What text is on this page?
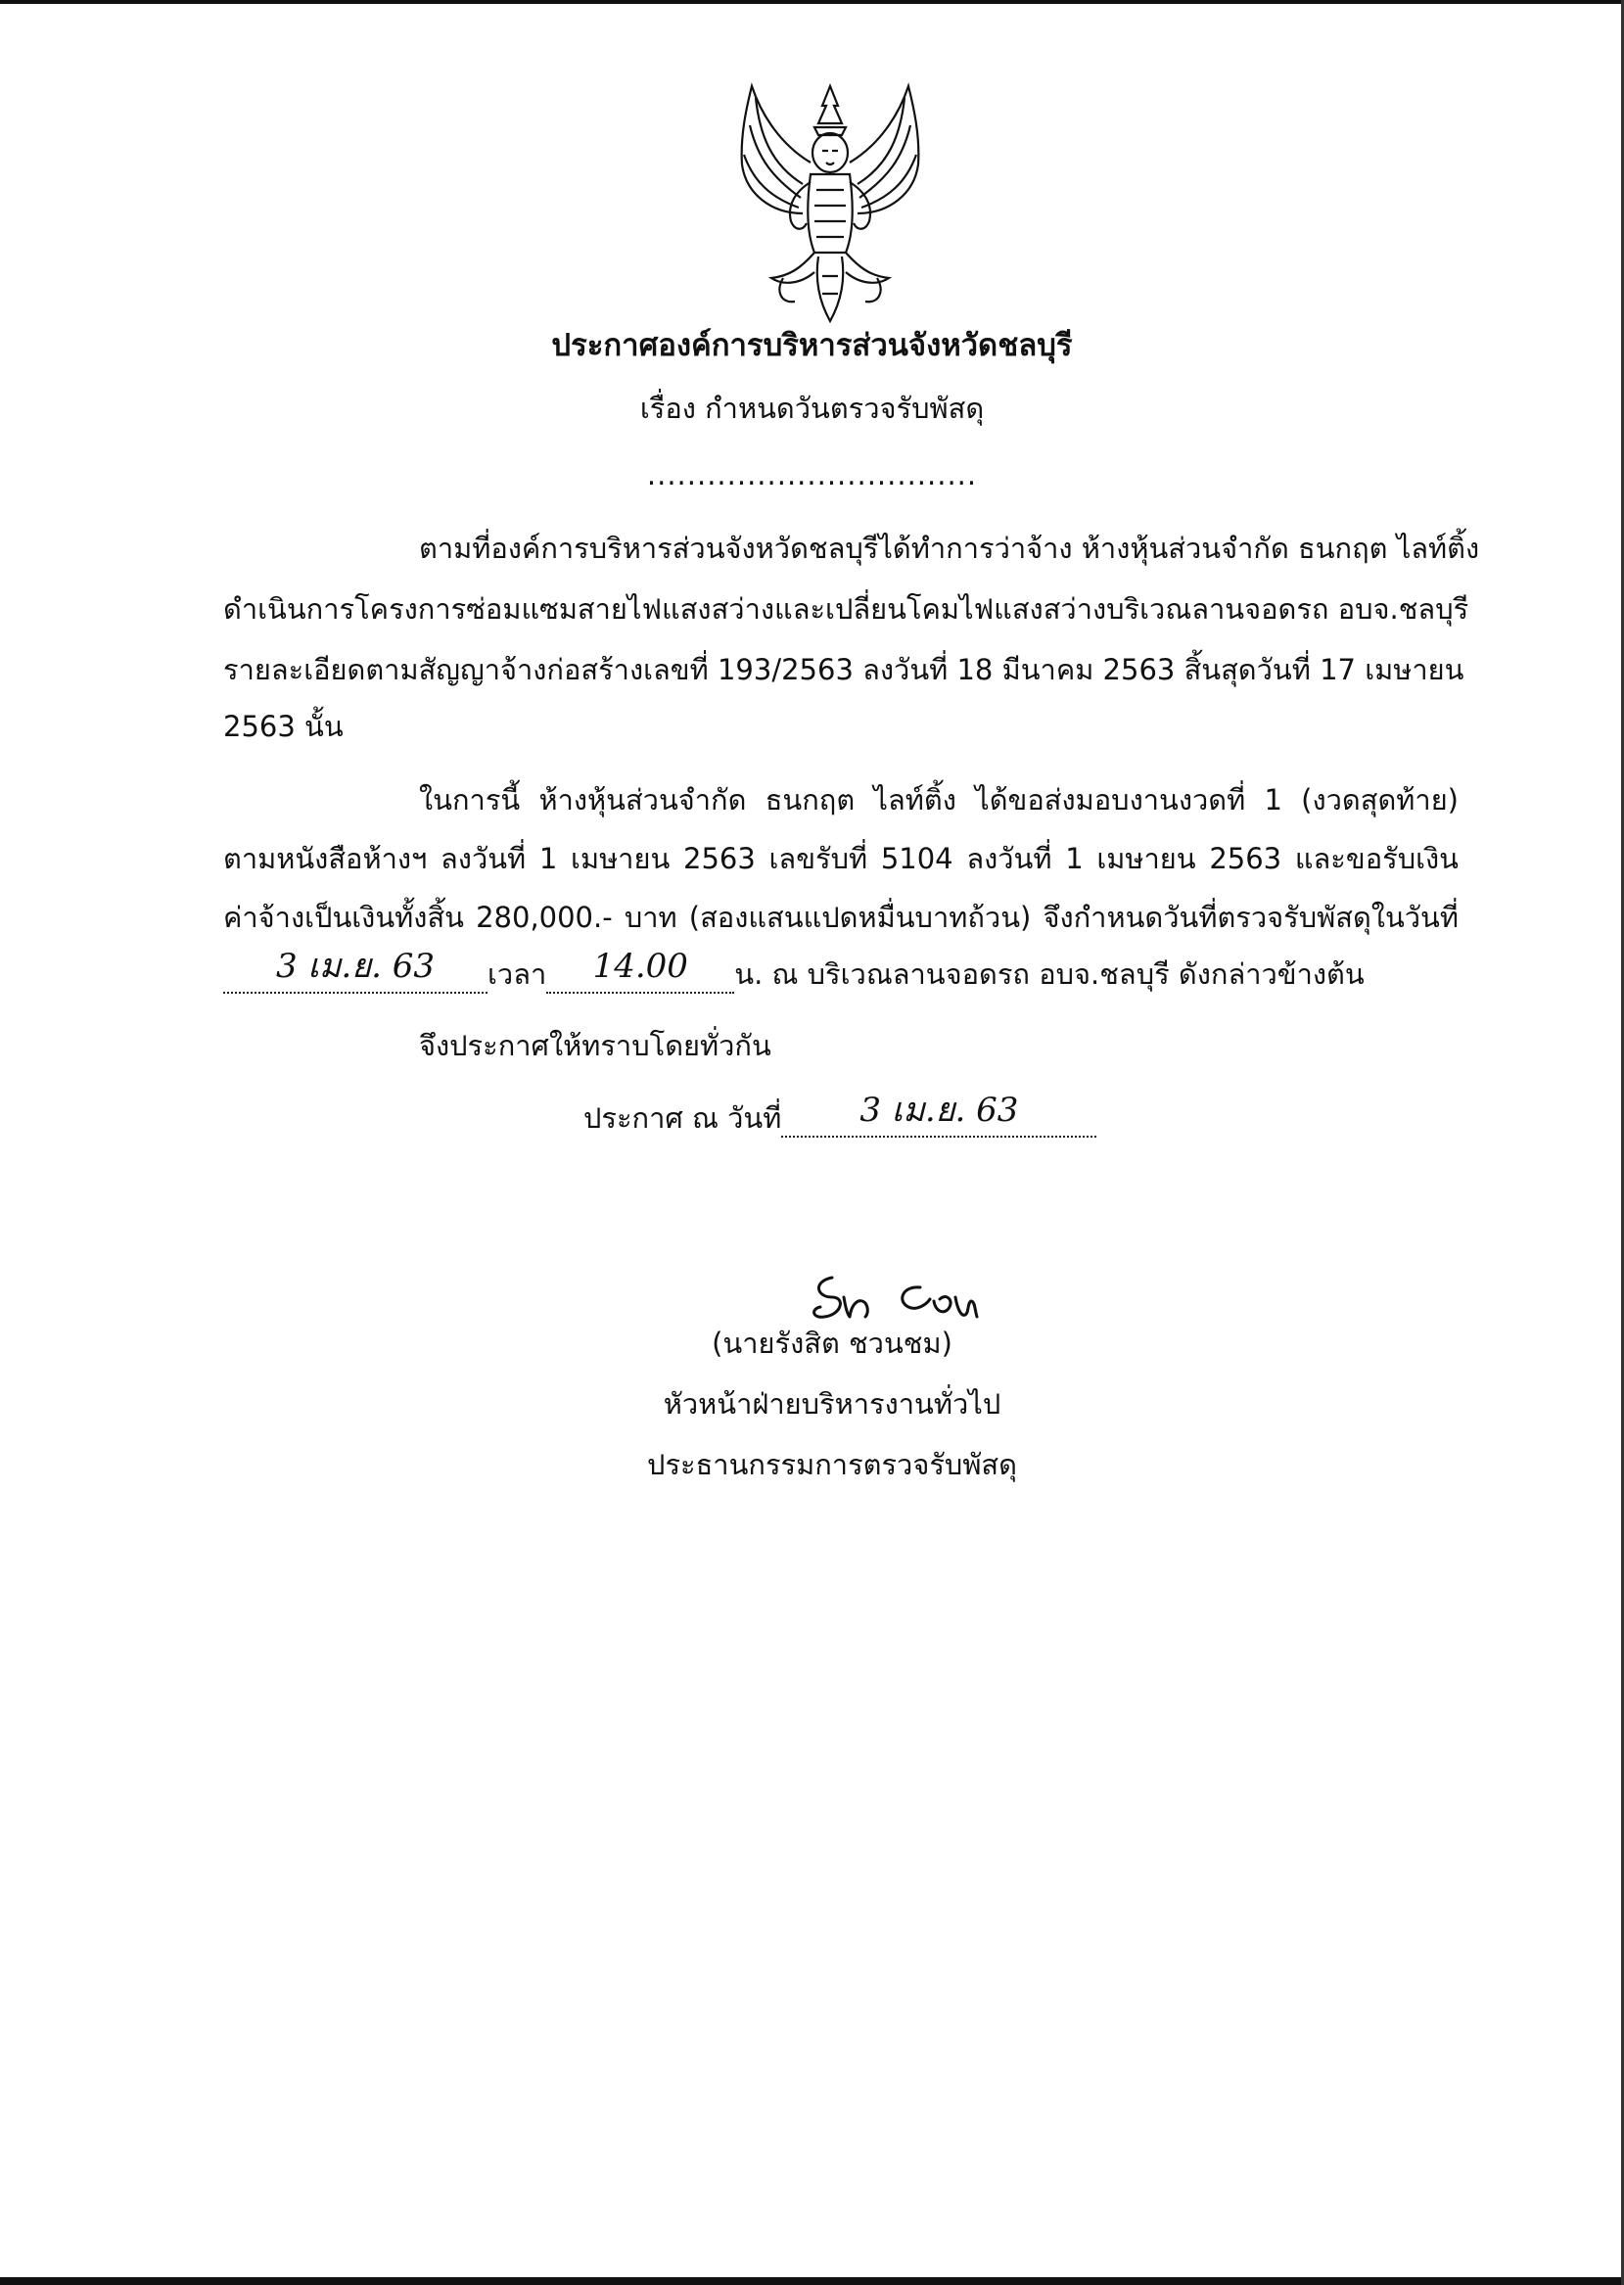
ประกาศองค์การบริหารส่วนจังหวัดชลบุรี
เรื่อง กำหนดวันตรวจรับพัสดุ
.................................
ตามที่องค์การบริหารส่วนจังหวัดชลบุรีได้ทำการว่าจ้าง ห้างหุ้นส่วนจำกัด ธนกฤต ไลท์ติ้ง
ดำเนินการโครงการซ่อมแซมสายไฟแสงสว่างและเปลี่ยนโคมไฟแสงสว่างบริเวณลานจอดรถ อบจ.ชลบุรี
รายละเอียดตามสัญญาจ้างก่อสร้างเลขที่ 193/2563 ลงวันที่ 18 มีนาคม 2563 สิ้นสุดวันที่ 17 เมษายน
2563 นั้น
ในการนี้ ห้างหุ้นส่วนจำกัด ธนกฤต ไลท์ติ้ง ได้ขอส่งมอบงานงวดที่ 1 (งวดสุดท้าย)
ตามหนังสือห้างฯ ลงวันที่ 1 เมษายน 2563 เลขรับที่ 5104 ลงวันที่ 1 เมษายน 2563 และขอรับเงิน
ค่าจ้างเป็นเงินทั้งสิ้น 280,000.- บาท (สองแสนแปดหมื่นบาทถ้วน) จึงกำหนดวันที่ตรวจรับพัสดุในวันที่
3 เม.ย. 63	เวลา	14.00	น. ณ บริเวณลานจอดรถ อบจ.ชลบุรี ดังกล่าวข้างต้น
จึงประกาศให้ทราบโดยทั่วกัน
ประกาศ ณ วันที่	3 เม.ย. 63
(นายรังสิต ชวนชม)
หัวหน้าฝ่ายบริหารงานทั่วไป
ประธานกรรมการตรวจรับพัสดุ
